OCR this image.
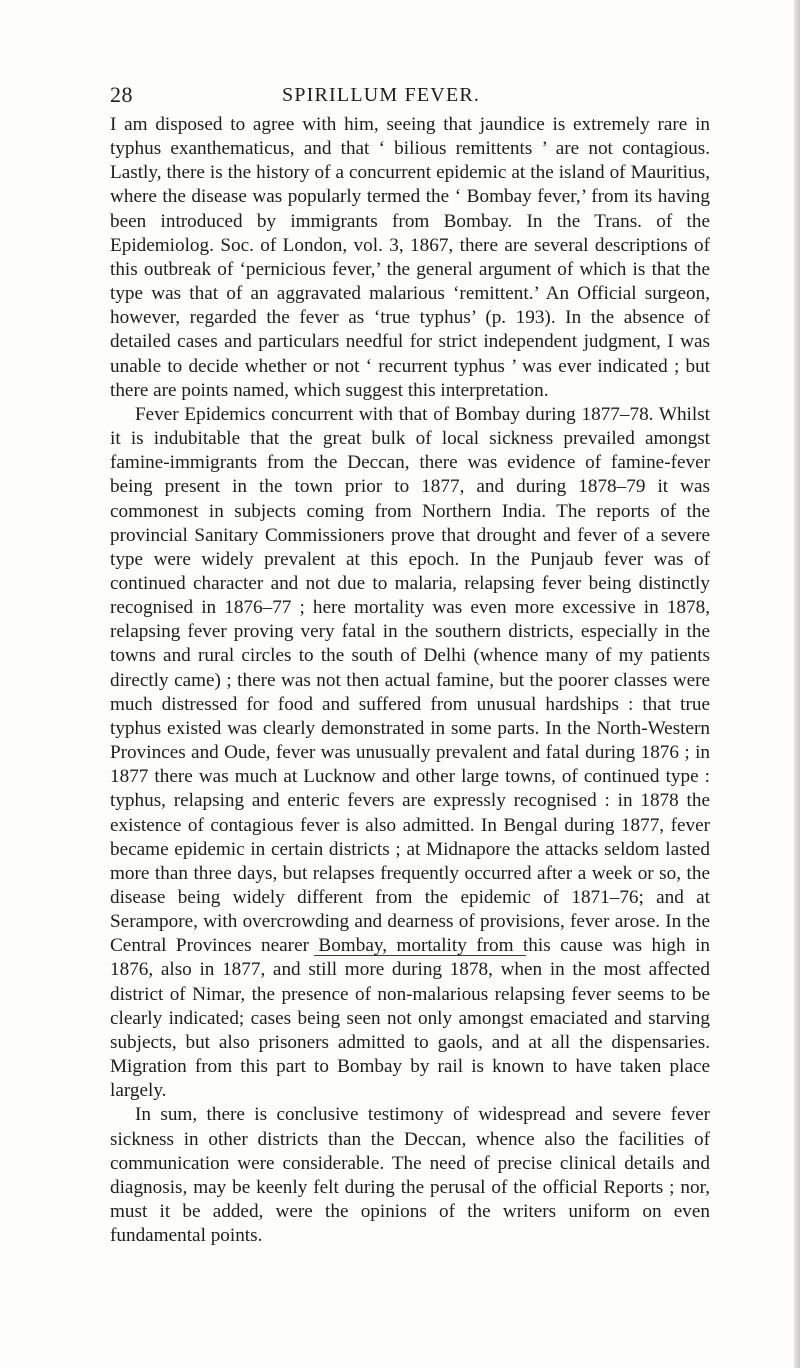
28	SPIRILLUM FEVER.

I am disposed to agree with him, seeing that jaundice is extremely rare in typhus exanthematicus, and that ‘ bilious remittents ’ are not contagious. Lastly, there is the history of a concurrent epidemic at the island of Mauritius, where the disease was popularly termed the ‘ Bombay fever,’ from its having been introduced by immigrants from Bombay. In the Trans. of the Epidemiolog. Soc. of London, vol. 3, 1867, there are several descriptions of this outbreak of ‘pernicious fever,’ the general argument of which is that the type was that of an aggravated malarious ‘remittent.’ An Official surgeon, however, regarded the fever as ‘true typhus’ (p. 193). In the absence of detailed cases and particulars needful for strict independent judgment, I was unable to decide whether or not ‘ recurrent typhus ’ was ever indicated ; but there are points named, which suggest this interpretation.

Fever Epidemics concurrent with that of Bombay during 1877–78. Whilst it is indubitable that the great bulk of local sickness prevailed amongst famine-immigrants from the Deccan, there was evidence of famine-fever being present in the town prior to 1877, and during 1878–79 it was commonest in subjects coming from Northern India. The reports of the provincial Sanitary Commissioners prove that drought and fever of a severe type were widely prevalent at this epoch. In the Punjaub fever was of continued character and not due to malaria, relapsing fever being distinctly recognised in 1876–77 ; here mortality was even more excessive in 1878, relapsing fever proving very fatal in the southern districts, especially in the towns and rural circles to the south of Delhi (whence many of my patients directly came) ; there was not then actual famine, but the poorer classes were much distressed for food and suffered from unusual hardships : that true typhus existed was clearly demonstrated in some parts. In the North-Western Provinces and Oude, fever was unusually prevalent and fatal during 1876 ; in 1877 there was much at Lucknow and other large towns, of continued type : typhus, relapsing and enteric fevers are expressly recognised : in 1878 the existence of contagious fever is also admitted. In Bengal during 1877, fever became epidemic in certain districts ; at Midnapore the attacks seldom lasted more than three days, but relapses frequently occurred after a week or so, the disease being widely different from the epidemic of 1871–76; and at Serampore, with overcrowding and dearness of provisions, fever arose. In the Central Provinces nearer Bombay, mortality from this cause was high in 1876, also in 1877, and still more during 1878, when in the most affected district of Nimar, the presence of non-malarious relapsing fever seems to be clearly indicated; cases being seen not only amongst emaciated and starving subjects, but also prisoners admitted to gaols, and at all the dispensaries. Migration from this part to Bombay by rail is known to have taken place largely.

In sum, there is conclusive testimony of widespread and severe fever sickness in other districts than the Deccan, whence also the facilities of communication were considerable. The need of precise clinical details and diagnosis, may be keenly felt during the perusal of the official Reports ; nor, must it be added, were the opinions of the writers uniform on even fundamental points.
